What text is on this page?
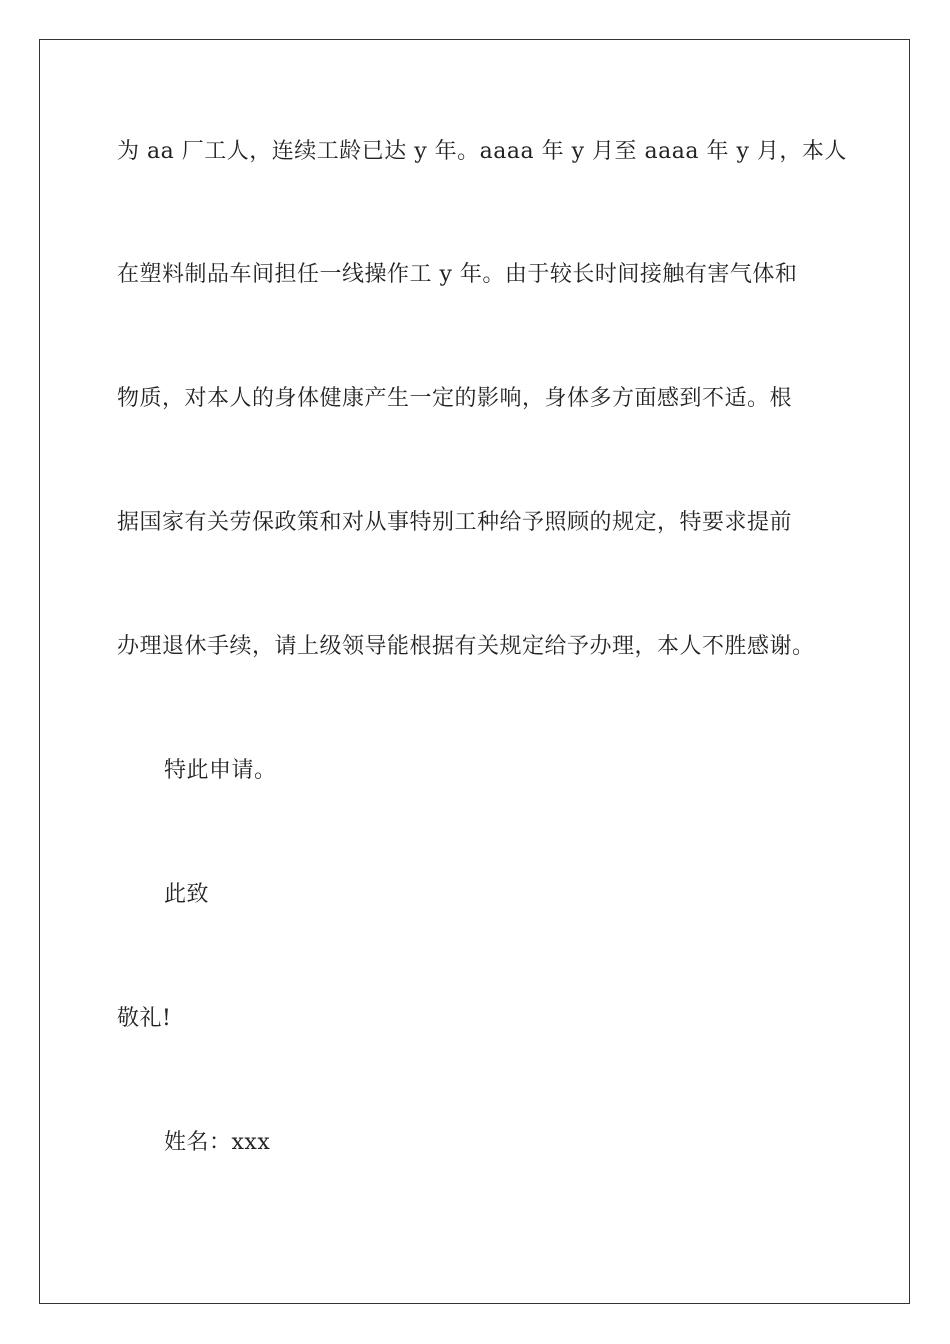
为 aa 厂工人，连续工龄已达 y 年。aaaa 年 y 月至 aaaa 年 y 月，本人
在塑料制品车间担任一线操作工 y 年。由于较长时间接触有害气体和
物质，对本人的身体健康产生一定的影响，身体多方面感到不适。根
据国家有关劳保政策和对从事特别工种给予照顾的规定，特要求提前
办理退休手续，请上级领导能根据有关规定给予办理，本人不胜感谢。
特此申请。
此致
敬礼!
姓名：xxx
